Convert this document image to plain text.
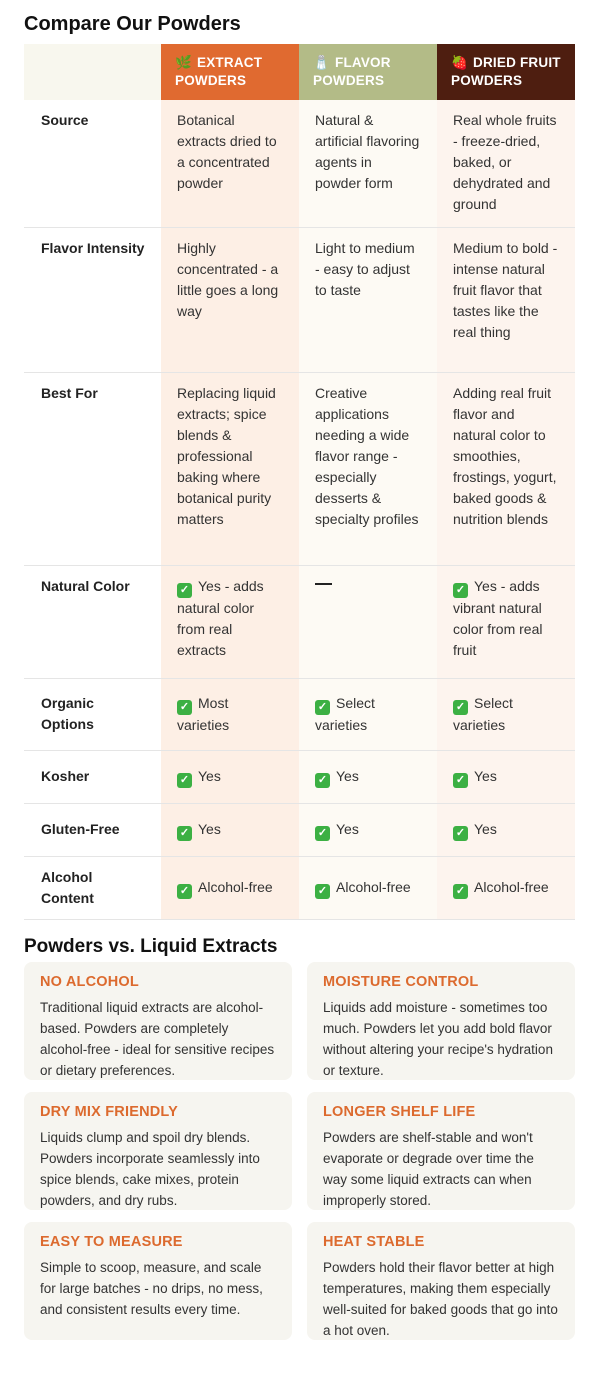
Compare Our Powders
	🌿 EXTRACT POWDERS	🧂 FLAVOR POWDERS	🍓 DRIED FRUIT POWDERS
Source	Botanical extracts dried to a concentrated powder	Natural & artificial flavoring agents in powder form	Real whole fruits - freeze-dried, baked, or dehydrated and ground
Flavor Intensity	Highly concentrated - a little goes a long way	Light to medium - easy to adjust to taste	Medium to bold - intense natural fruit flavor that tastes like the real thing
Best For	Replacing liquid extracts; spice blends & professional baking where botanical purity matters	Creative applications needing a wide flavor range - especially desserts & specialty profiles	Adding real fruit flavor and natural color to smoothies, frostings, yogurt, baked goods & nutrition blends
Natural Color	✓ Yes - adds natural color from real extracts		✓ Yes - adds vibrant natural color from real fruit
Organic Options	✓ Most varieties	✓ Select varieties	✓ Select varieties
Kosher	✓ Yes	✓ Yes	✓ Yes
Gluten-Free	✓ Yes	✓ Yes	✓ Yes
Alcohol Content	✓ Alcohol-free	✓ Alcohol-free	✓ Alcohol-free
Powders vs. Liquid Extracts
NO ALCOHOL
Traditional liquid extracts are alcohol-based. Powders are completely alcohol-free - ideal for sensitive recipes or dietary preferences.
MOISTURE CONTROL
Liquids add moisture - sometimes too much. Powders let you add bold flavor without altering your recipe's hydration or texture.
DRY MIX FRIENDLY
Liquids clump and spoil dry blends. Powders incorporate seamlessly into spice blends, cake mixes, protein powders, and dry rubs.
LONGER SHELF LIFE
Powders are shelf-stable and won't evaporate or degrade over time the way some liquid extracts can when improperly stored.
EASY TO MEASURE
Simple to scoop, measure, and scale for large batches - no drips, no mess, and consistent results every time.
HEAT STABLE
Powders hold their flavor better at high temperatures, making them especially well-suited for baked goods that go into a hot oven.
